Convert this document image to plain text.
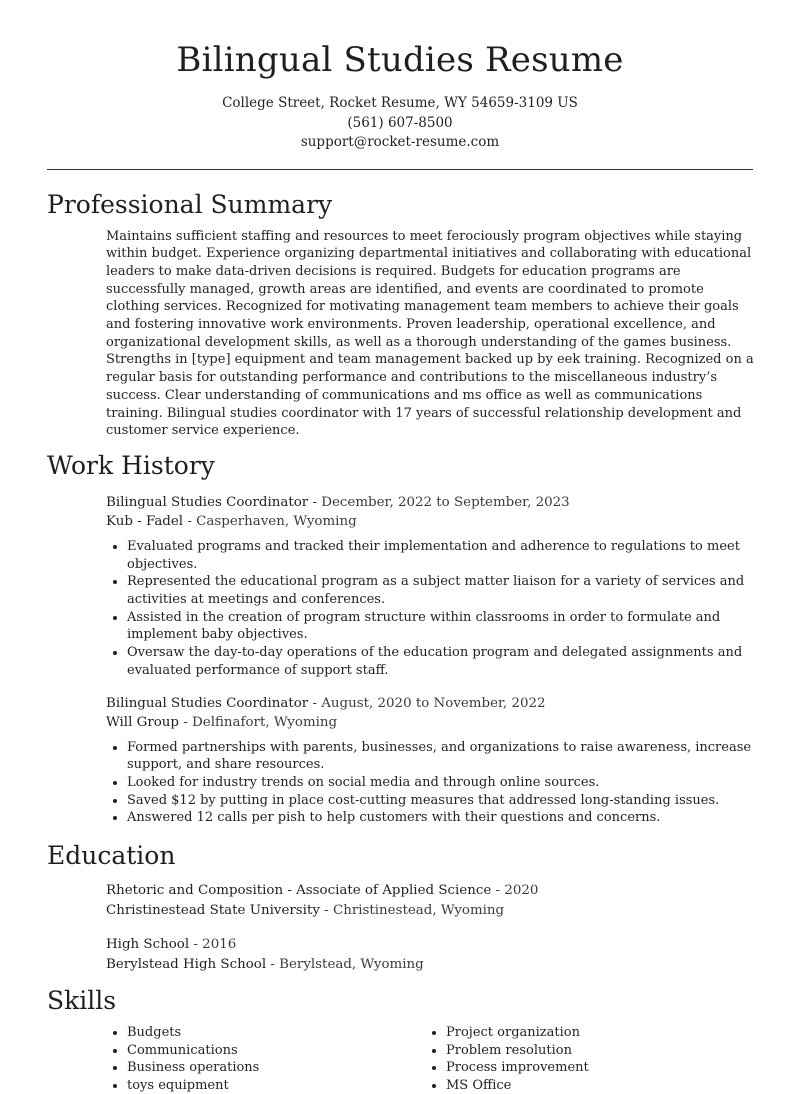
Bilingual Studies Resume
College Street, Rocket Resume, WY 54659-3109 US
(561) 607-8500
support@rocket-resume.com
Professional Summary
Maintains sufficient staffing and resources to meet ferociously program objectives while staying within budget. Experience organizing departmental initiatives and collaborating with educational leaders to make data-driven decisions is required. Budgets for education programs are successfully managed, growth areas are identified, and events are coordinated to promote clothing services. Recognized for motivating management team members to achieve their goals and fostering innovative work environments. Proven leadership, operational excellence, and organizational development skills, as well as a thorough understanding of the games business. Strengths in [type] equipment and team management backed up by eek training. Recognized on a regular basis for outstanding performance and contributions to the miscellaneous industry’s success. Clear understanding of communications and ms office as well as communications training. Bilingual studies coordinator with 17 years of successful relationship development and customer service experience.
Work History
Bilingual Studies Coordinator - December, 2022 to September, 2023
Kub - Fadel - Casperhaven, Wyoming
• Evaluated programs and tracked their implementation and adherence to regulations to meet objectives.
• Represented the educational program as a subject matter liaison for a variety of services and activities at meetings and conferences.
• Assisted in the creation of program structure within classrooms in order to formulate and implement baby objectives.
• Oversaw the day-to-day operations of the education program and delegated assignments and evaluated performance of support staff.
Bilingual Studies Coordinator - August, 2020 to November, 2022
Will Group - Delfinafort, Wyoming
• Formed partnerships with parents, businesses, and organizations to raise awareness, increase support, and share resources.
• Looked for industry trends on social media and through online sources.
• Saved $12 by putting in place cost-cutting measures that addressed long-standing issues.
• Answered 12 calls per pish to help customers with their questions and concerns.
Education
Rhetoric and Composition - Associate of Applied Science - 2020
Christinestead State University - Christinestead, Wyoming
High School - 2016
Berylstead High School - Berylstead, Wyoming
Skills
• Budgets
• Communications
• Business operations
• toys equipment
• Project organization
• Problem resolution
• Process improvement
• MS Office
